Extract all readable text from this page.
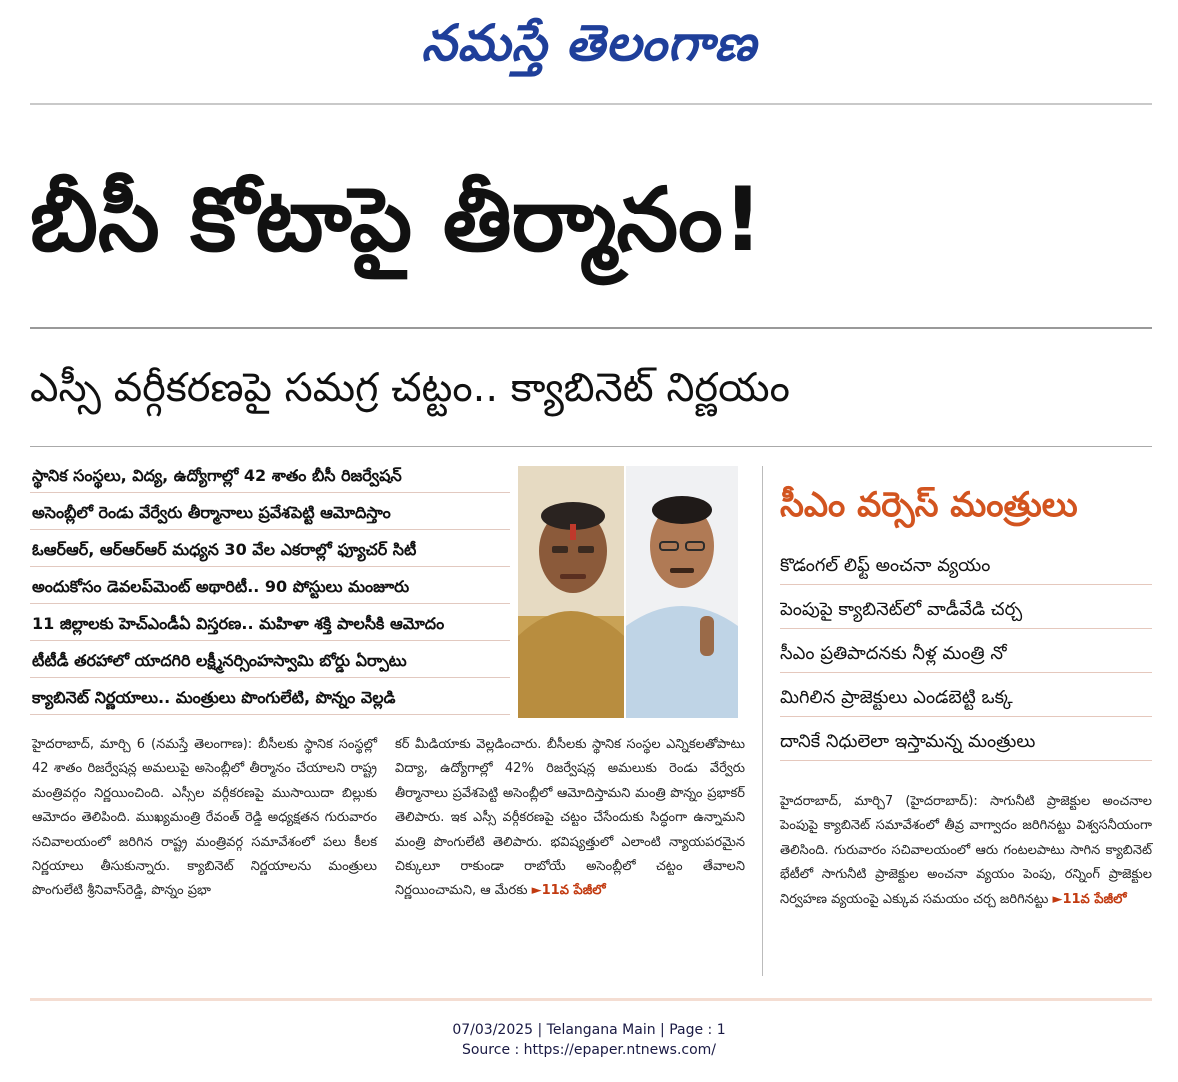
నమస్తే తెలంగాణ
బీసీ కోటాపై తీర్మానం!
ఎస్సీ వర్గీకరణపై సమగ్ర చట్టం.. క్యాబినెట్ నిర్ణయం
స్థానిక సంస్థలు, విద్య, ఉద్యోగాల్లో 42 శాతం బీసీ రిజర్వేషన్
అసెంబ్లీలో రెండు వేర్వేరు తీర్మానాలు ప్రవేశపెట్టి ఆమోదిస్తాం
ఓఆర్ఆర్, ఆర్ఆర్ఆర్ మధ్యన 30 వేల ఎకరాల్లో ఫ్యూచర్ సిటీ
అందుకోసం డెవలప్‌మెంట్ అథారిటీ.. 90 పోస్టులు మంజూరు
11 జిల్లాలకు హెచ్ఎండీఏ విస్తరణ.. మహిళా శక్తి పాలసీకి ఆమోదం
టీటీడీ తరహాలో యాదగిరి లక్ష్మీనర్సింహస్వామి బోర్డు ఏర్పాటు
క్యాబినెట్ నిర్ణయాలు.. మంత్రులు పొంగులేటి, పొన్నం వెల్లడి
సీఎం వర్సెస్ మంత్రులు
కొడంగల్ లిఫ్ట్ అంచనా వ్యయం
పెంపుపై క్యాబినెట్‌లో వాడీవేడి చర్చ
సీఎం ప్రతిపాదనకు నీళ్ల మంత్రి నో
మిగిలిన ప్రాజెక్టులు ఎండబెట్టి ఒక్క
దానికే నిధులెలా ఇస్తామన్న మంత్రులు
హైదరాబాద్, మార్చి 6 (నమస్తే తెలంగాణ): బీసీలకు స్థానిక సంస్థల్లో 42 శాతం రిజర్వేషన్ల అమలుపై అసెంబ్లీలో తీర్మానం చేయాలని రాష్ట్ర మంత్రివర్గం నిర్ణయించింది. ఎస్సీల వర్గీకరణపై ముసాయిదా బిల్లుకు ఆమోదం తెలిపింది. ముఖ్యమంత్రి రేవంత్ రెడ్డి అధ్యక్షతన గురువారం సచివాలయంలో జరిగిన రాష్ట్ర మంత్రివర్గ సమావేశంలో పలు కీలక నిర్ణయాలు తీసుకున్నారు. క్యాబినెట్ నిర్ణయాలను మంత్రులు పొంగులేటి శ్రీనివాస్‌రెడ్డి, పొన్నం ప్రభా
కర్ మీడియాకు వెల్లడించారు. బీసీలకు స్థానిక సంస్థల ఎన్నికలతోపాటు విద్యా, ఉద్యోగాల్లో 42% రిజర్వేషన్ల అమలుకు రెండు వేర్వేరు తీర్మానాలు ప్రవేశపెట్టి అసెంబ్లీలో ఆమోదిస్తామని మంత్రి పొన్నం ప్రభాకర్ తెలిపారు. ఇక ఎస్సీ వర్గీకరణపై చట్టం చేసేందుకు సిద్ధంగా ఉన్నామని మంత్రి పొంగులేటి తెలిపారు. భవిష్యత్తులో ఎలాంటి న్యాయపరమైన చిక్కులూ రాకుండా రాబోయే అసెంబ్లీలో చట్టం తేవాలని నిర్ణయించామని, ఆ మేరకు ►11వ పేజీలో
హైదరాబాద్, మార్చి7 (హైదరాబాద్): సాగునీటి ప్రాజెక్టుల అంచనాల పెంపుపై క్యాబినెట్ సమావేశంలో తీవ్ర వాగ్వాదం జరిగినట్టు విశ్వసనీయంగా తెలిసింది. గురువారం సచివాలయంలో ఆరు గంటలపాటు సాగిన క్యాబినెట్ భేటీలో సాగునీటి ప్రాజెక్టుల అంచనా వ్యయం పెంపు, రన్నింగ్ ప్రాజెక్టుల నిర్వహణ వ్యయంపై ఎక్కువ సమయం చర్చ జరిగినట్టు ►11వ పేజీలో
07/03/2025 | Telangana Main | Page : 1
Source : https://epaper.ntnews.com/
